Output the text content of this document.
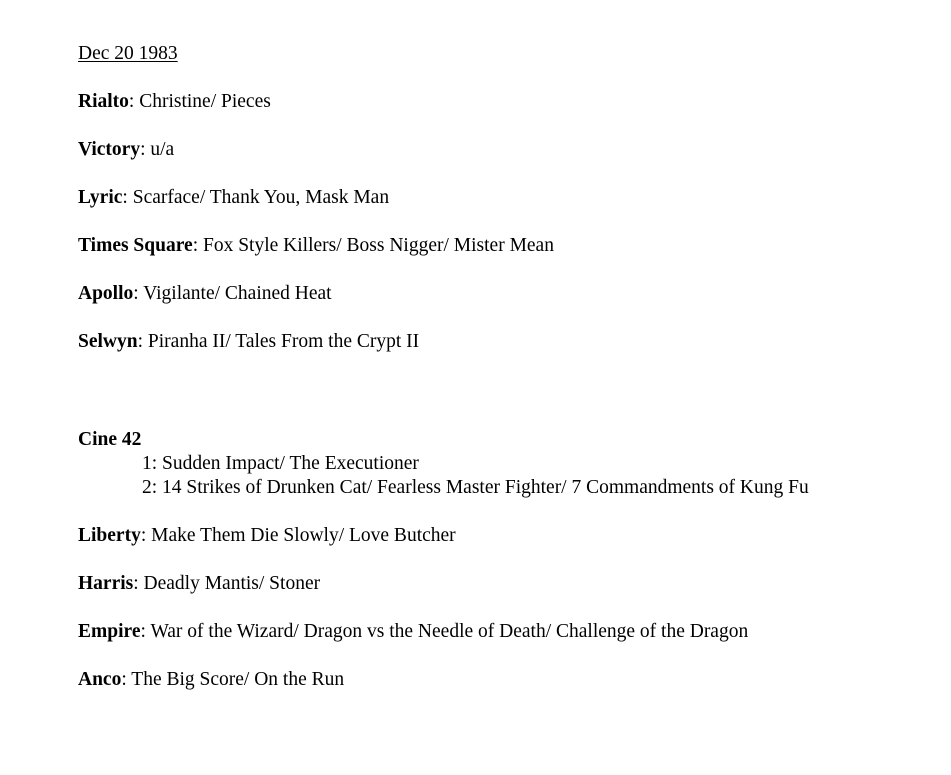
Dec 20 1983
Rialto: Christine/ Pieces
Victory: u/a
Lyric: Scarface/ Thank You, Mask Man
Times Square: Fox Style Killers/ Boss Nigger/ Mister Mean
Apollo: Vigilante/ Chained Heat
Selwyn: Piranha II/ Tales From the Crypt II
Cine 42
1: Sudden Impact/ The Executioner
2: 14 Strikes of Drunken Cat/ Fearless Master Fighter/ 7 Commandments of Kung Fu
Liberty: Make Them Die Slowly/ Love Butcher
Harris: Deadly Mantis/ Stoner
Empire: War of the Wizard/ Dragon vs the Needle of Death/ Challenge of the Dragon
Anco: The Big Score/ On the Run
